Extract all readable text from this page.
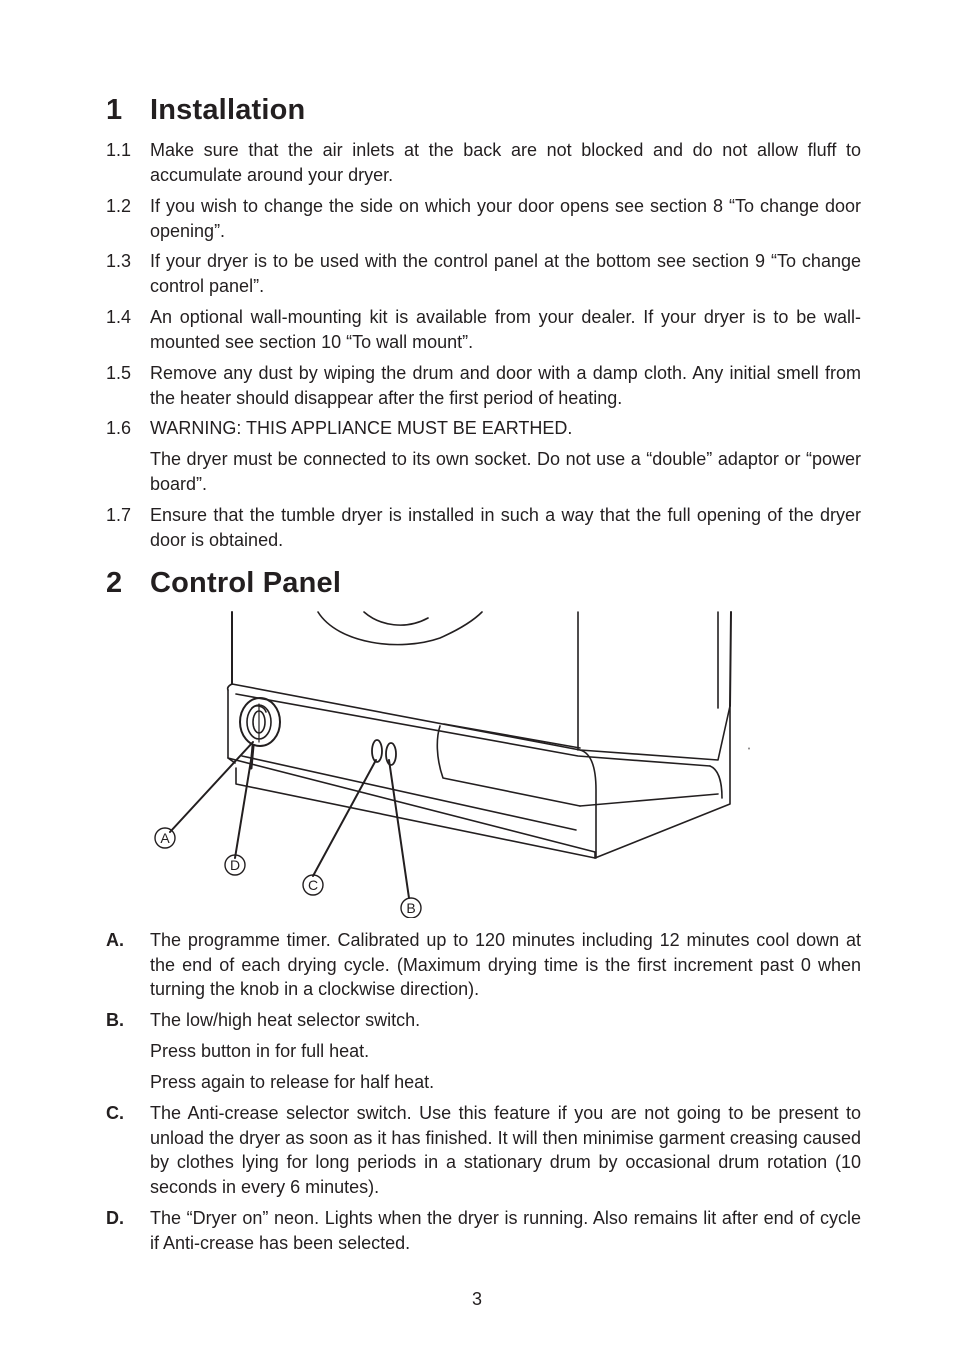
1 Installation
1.1 Make sure that the air inlets at the back are not blocked and do not allow fluff to accumulate around your dryer.
1.2 If you wish to change the side on which your door opens see section 8 “To change door opening”.
1.3 If your dryer is to be used with the control panel at the bottom see section 9 “To change control panel”.
1.4 An optional wall-mounting kit is available from your dealer. If your dryer is to be wall-mounted see section 10 “To wall mount”.
1.5 Remove any dust by wiping the drum and door with a damp cloth. Any initial smell from the heater should disappear after the first period of heating.
1.6 WARNING: THIS APPLIANCE MUST BE EARTHED.
The dryer must be connected to its own socket. Do not use a “double” adaptor or “power board”.
1.7 Ensure that the tumble dryer is installed in such a way that the full opening of the dryer door is obtained.
2 Control Panel
A
D
C
B
A. The programme timer. Calibrated up to 120 minutes including 12 minutes cool down at the end of each drying cycle. (Maximum drying time is the first increment past 0 when turning the knob in a clockwise direction).
B. The low/high heat selector switch.
Press button in for full heat.
Press again to release for half heat.
C. The Anti-crease selector switch. Use this feature if you are not going to be present to unload the dryer as soon as it has finished. It will then minimise garment creasing caused by clothes lying for long periods in a stationary drum by occasional drum rotation (10 seconds in every 6 minutes).
D. The “Dryer on” neon. Lights when the dryer is running. Also remains lit after end of cycle if Anti-crease has been selected.
3
